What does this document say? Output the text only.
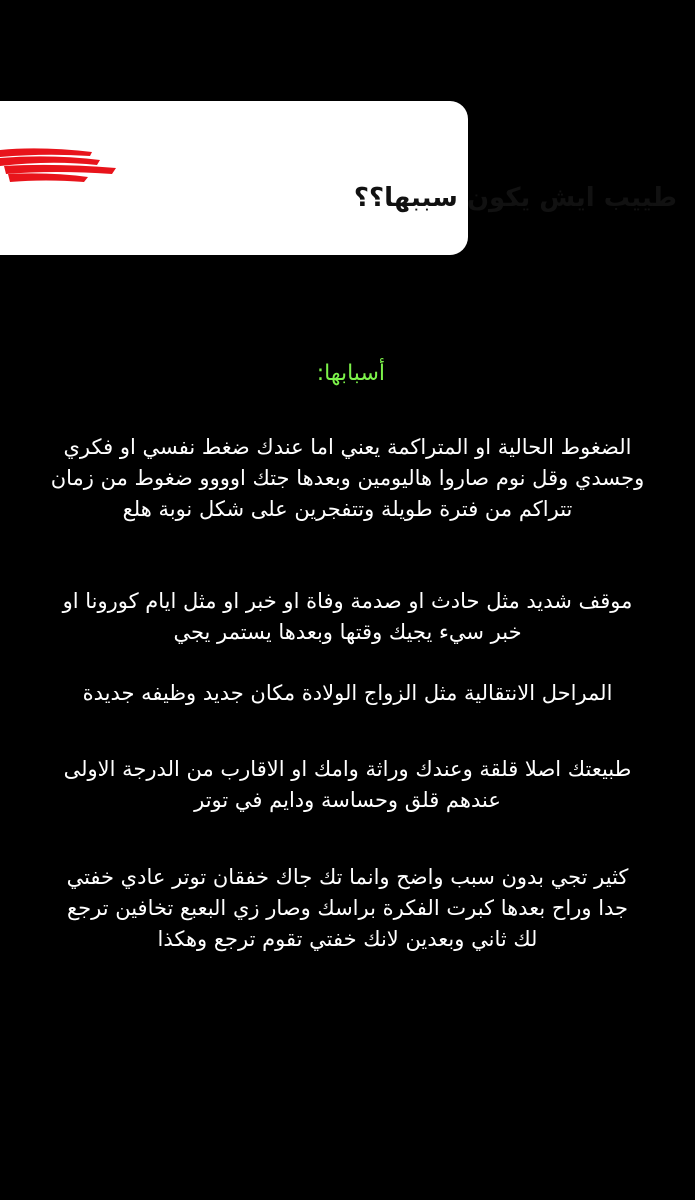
طييب ايش يكون سببها؟؟
أسبابها:
الضغوط الحالية او المتراكمة يعني اما عندك ضغط نفسي او فكري
وجسدي وقل نوم صاروا هاليومين وبعدها جتك اوووو ضغوط من زمان
تتراكم من فترة طويلة وتتفجرين على شكل نوبة هلع
موقف شديد مثل حادث او صدمة وفاة او خبر او مثل ايام كورونا او
خبر سيء يجيك وقتها وبعدها يستمر يجي
المراحل الانتقالية مثل الزواج الولادة مكان جديد وظيفه جديدة
طبيعتك اصلا قلقة وعندك وراثة وامك او الاقارب من الدرجة الاولى
عندهم قلق وحساسة ودايم في توتر
كثير تجي بدون سبب واضح وانما تك جاك خفقان توتر عادي خفتي
جدا وراح بعدها كبرت الفكرة براسك وصار زي البعبع تخافين ترجع
لك ثاني وبعدين لانك خفتي تقوم ترجع وهكذا
